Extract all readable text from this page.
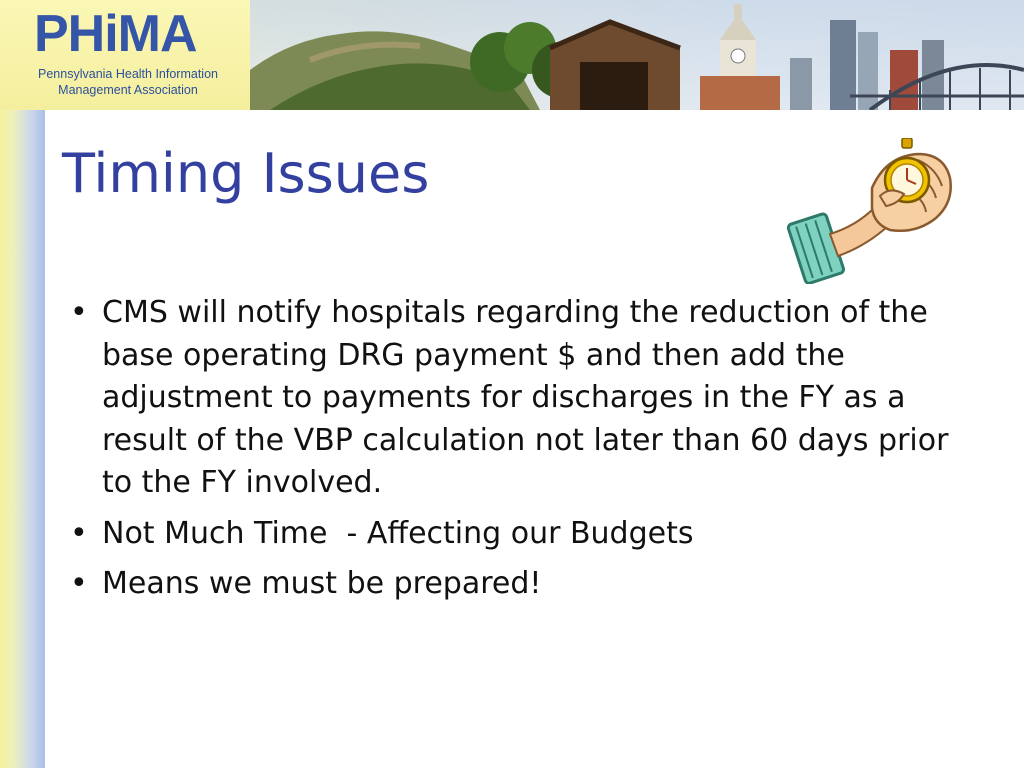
PHiMA
Pennsylvania Health Information
Management Association
Timing Issues
• CMS will notify hospitals regarding the reduction of the base operating DRG payment $ and then add the adjustment to payments for discharges in the FY as a result of the VBP calculation not later than 60 days prior to the FY involved.
• Not Much Time  - Affecting our Budgets
• Means we must be prepared!
